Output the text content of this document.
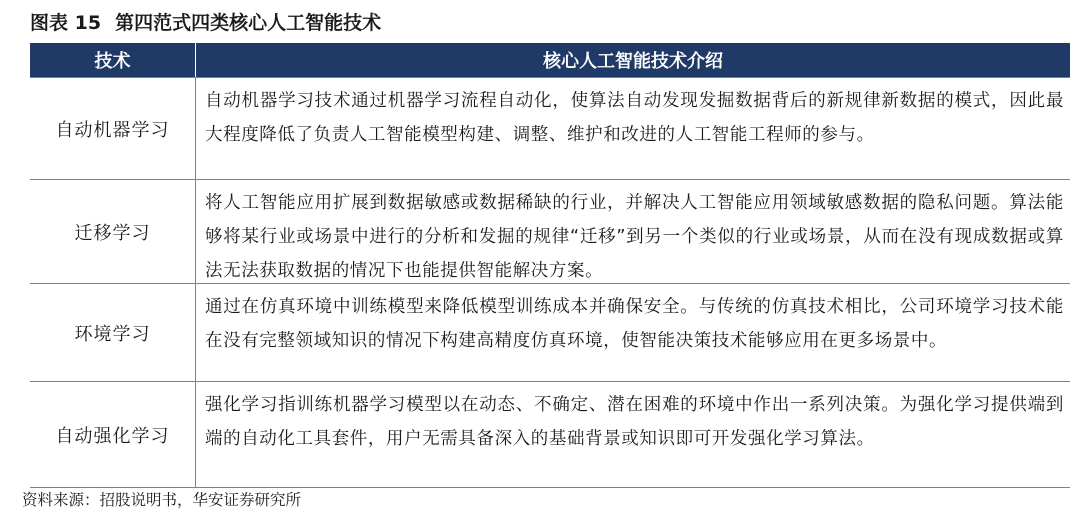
图表 15 第四范式四类核心人工智能技术
技术	核心人工智能技术介绍
自动机器学习
自动机器学习技术通过机器学习流程自动化，使算法自动发现发掘数据背后的新规律新数据的模式，因此最大程度降低了负责人工智能模型构建、调整、维护和改进的人工智能工程师的参与。
迁移学习
将人工智能应用扩展到数据敏感或数据稀缺的行业，并解决人工智能应用领域敏感数据的隐私问题。算法能够将某行业或场景中进行的分析和发掘的规律“迁移”到另一个类似的行业或场景，从而在没有现成数据或算法无法获取数据的情况下也能提供智能解决方案。
环境学习
通过在仿真环境中训练模型来降低模型训练成本并确保安全。与传统的仿真技术相比，公司环境学习技术能在没有完整领域知识的情况下构建高精度仿真环境，使智能决策技术能够应用在更多场景中。
自动强化学习
强化学习指训练机器学习模型以在动态、不确定、潜在困难的环境中作出一系列决策。为强化学习提供端到端的自动化工具套件，用户无需具备深入的基础背景或知识即可开发强化学习算法。
资料来源：招股说明书，华安证券研究所
